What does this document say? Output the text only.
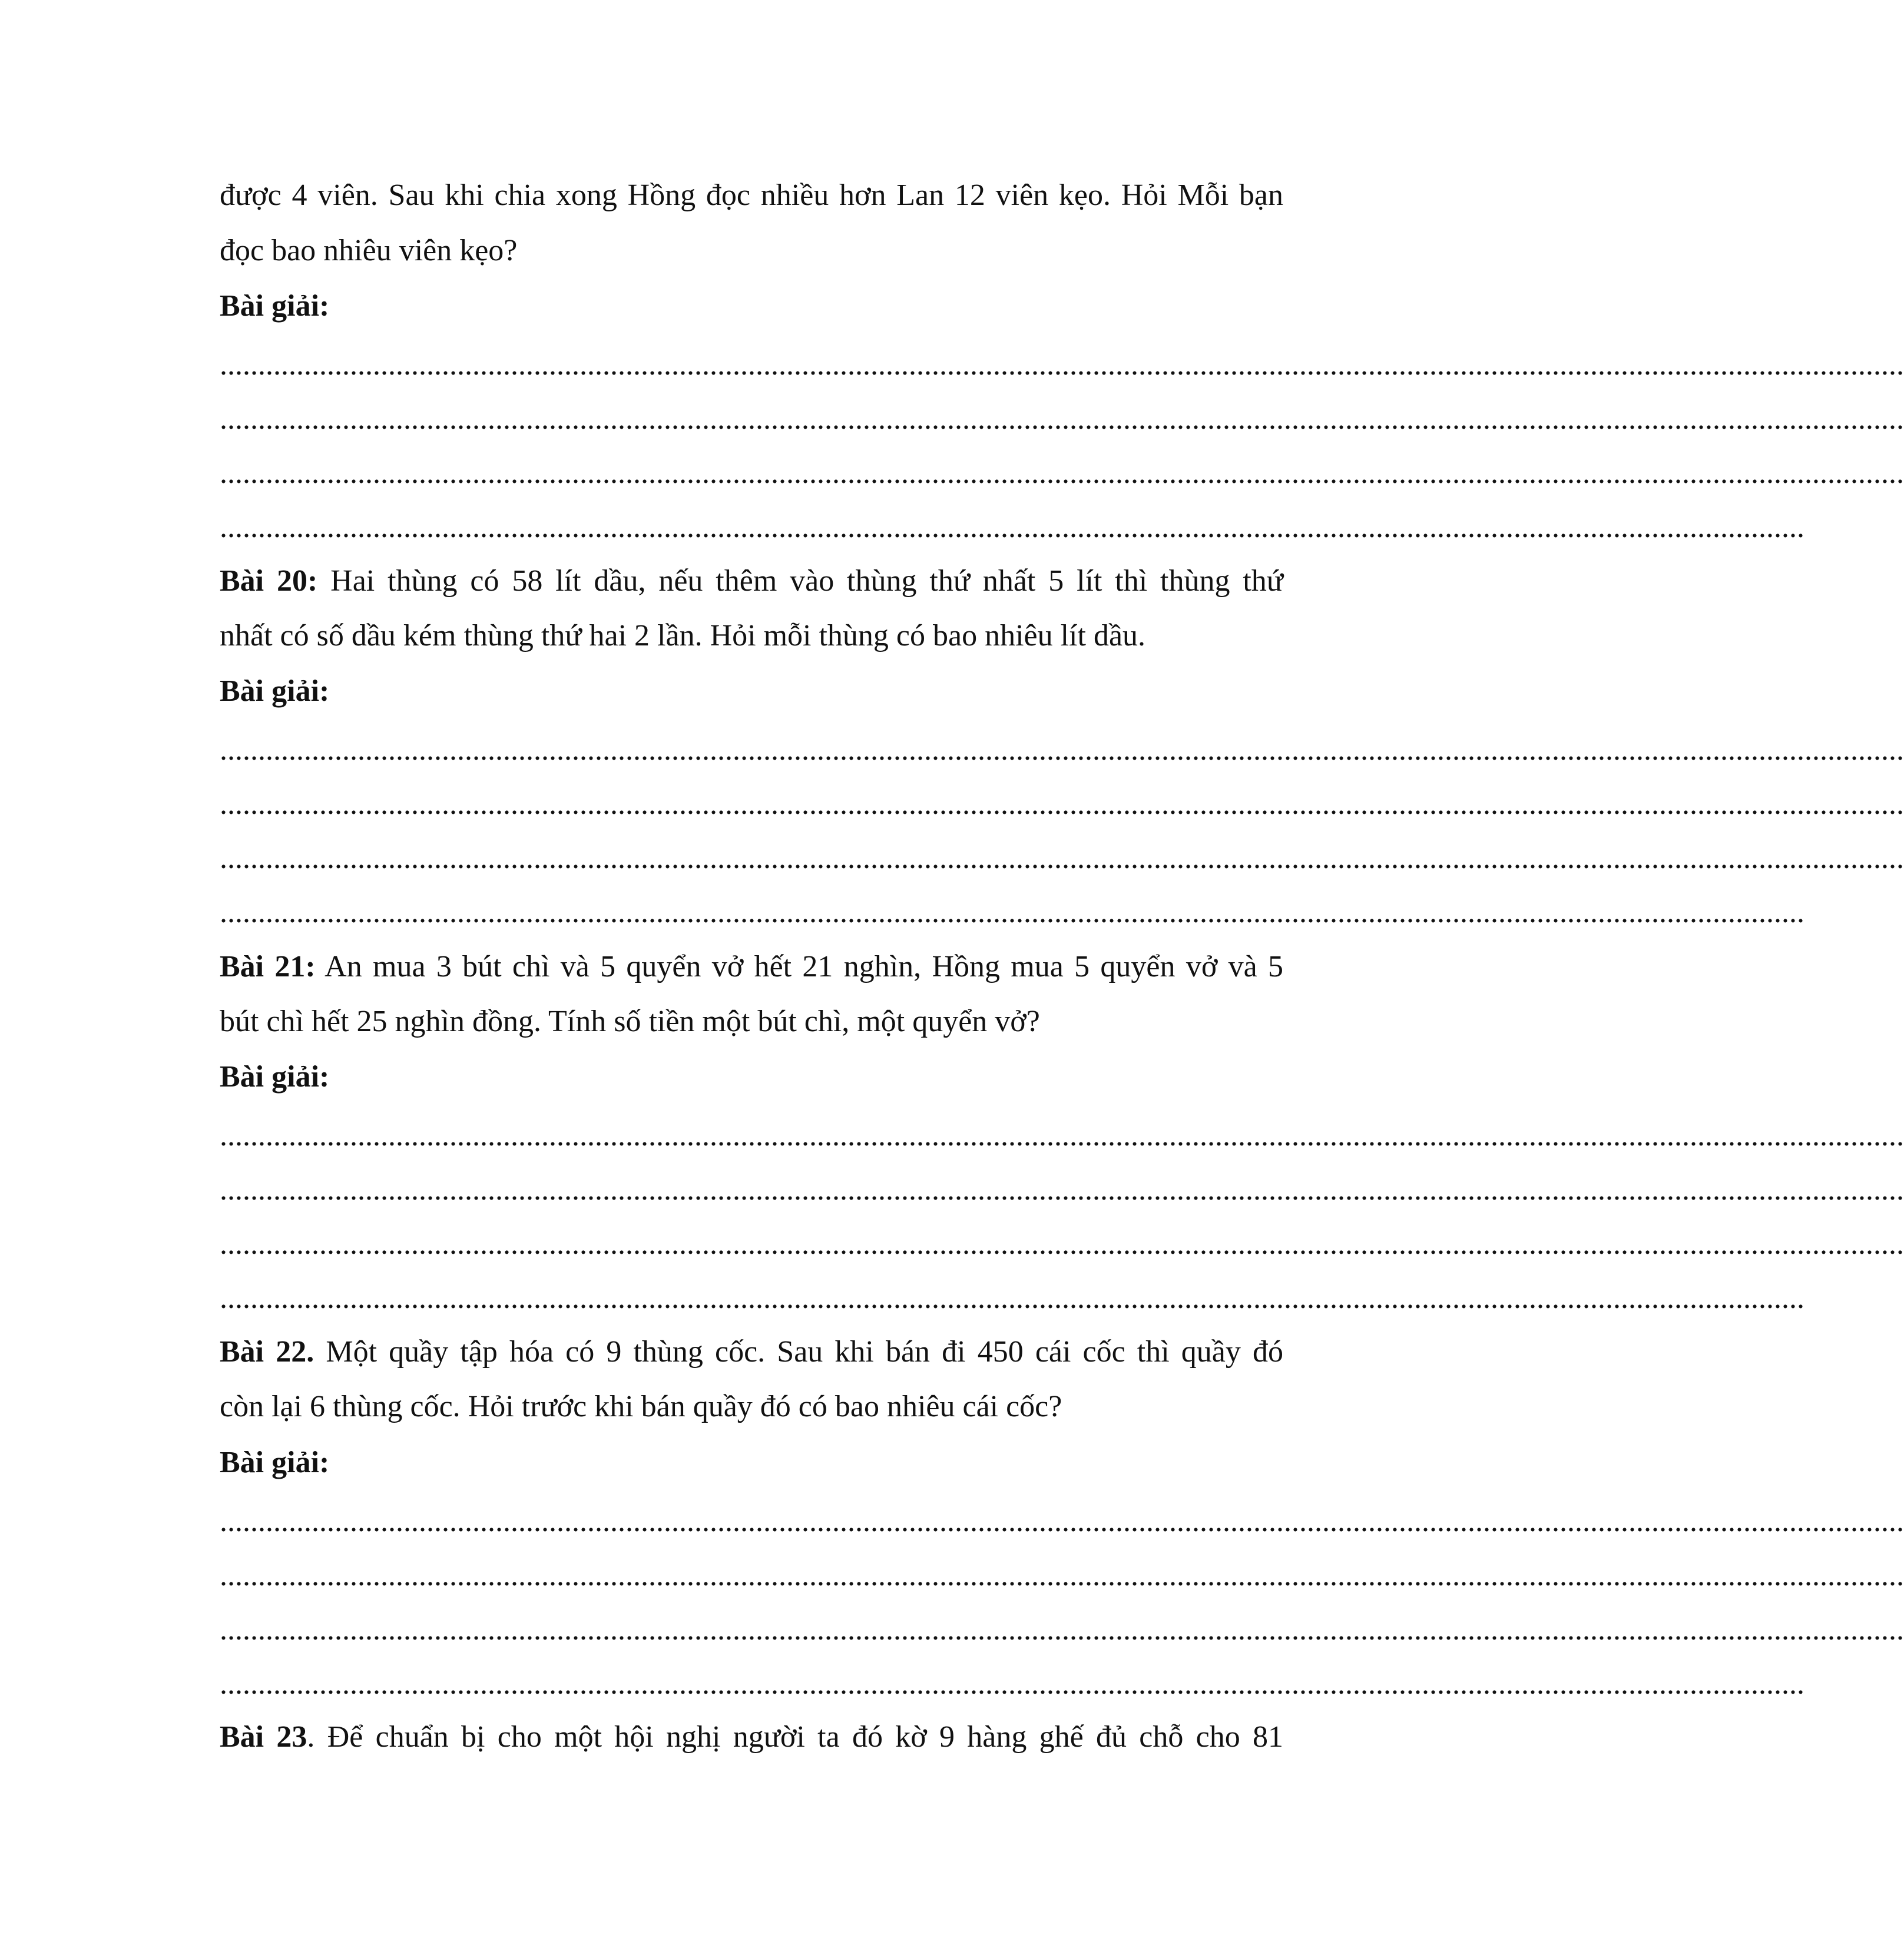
được 4 viên. Sau khi chia xong Hồng đọc nhiều hơn Lan 12 viên kẹo. Hỏi Mỗi bạn
đọc bao nhiêu viên kẹo?
Bài giải:
............................................................................................................................................................................................................................
............................................................................................................................................................................................................................
............................................................................................................................................................................................................................
...............................................................................................................................................................................................................
Bài 20: Hai thùng có 58 lít dầu, nếu thêm vào thùng thứ nhất 5 lít thì thùng thứ
nhất có số dầu kém thùng thứ hai 2 lần. Hỏi mỗi thùng có bao nhiêu lít dầu.
Bài giải:
............................................................................................................................................................................................................................
............................................................................................................................................................................................................................
............................................................................................................................................................................................................................
...............................................................................................................................................................................................................
Bài 21: An mua 3 bút chì và 5 quyển vở hết 21 nghìn, Hồng mua 5 quyển vở và 5
bút chì hết 25 nghìn đồng. Tính số tiền một bút chì, một quyển vở?
Bài giải:
............................................................................................................................................................................................................................
............................................................................................................................................................................................................................
............................................................................................................................................................................................................................
...............................................................................................................................................................................................................
Bài 22. Một quầy tập hóa có 9 thùng cốc. Sau khi bán đi 450 cái cốc thì quầy đó
còn lại 6 thùng cốc. Hỏi trước khi bán quầy đó có bao nhiêu cái cốc?
Bài giải:
............................................................................................................................................................................................................................
............................................................................................................................................................................................................................
............................................................................................................................................................................................................................
...............................................................................................................................................................................................................
Bài 23. Để chuẩn bị cho một hội nghị người ta đó kờ 9 hàng ghế đủ chỗ cho 81
